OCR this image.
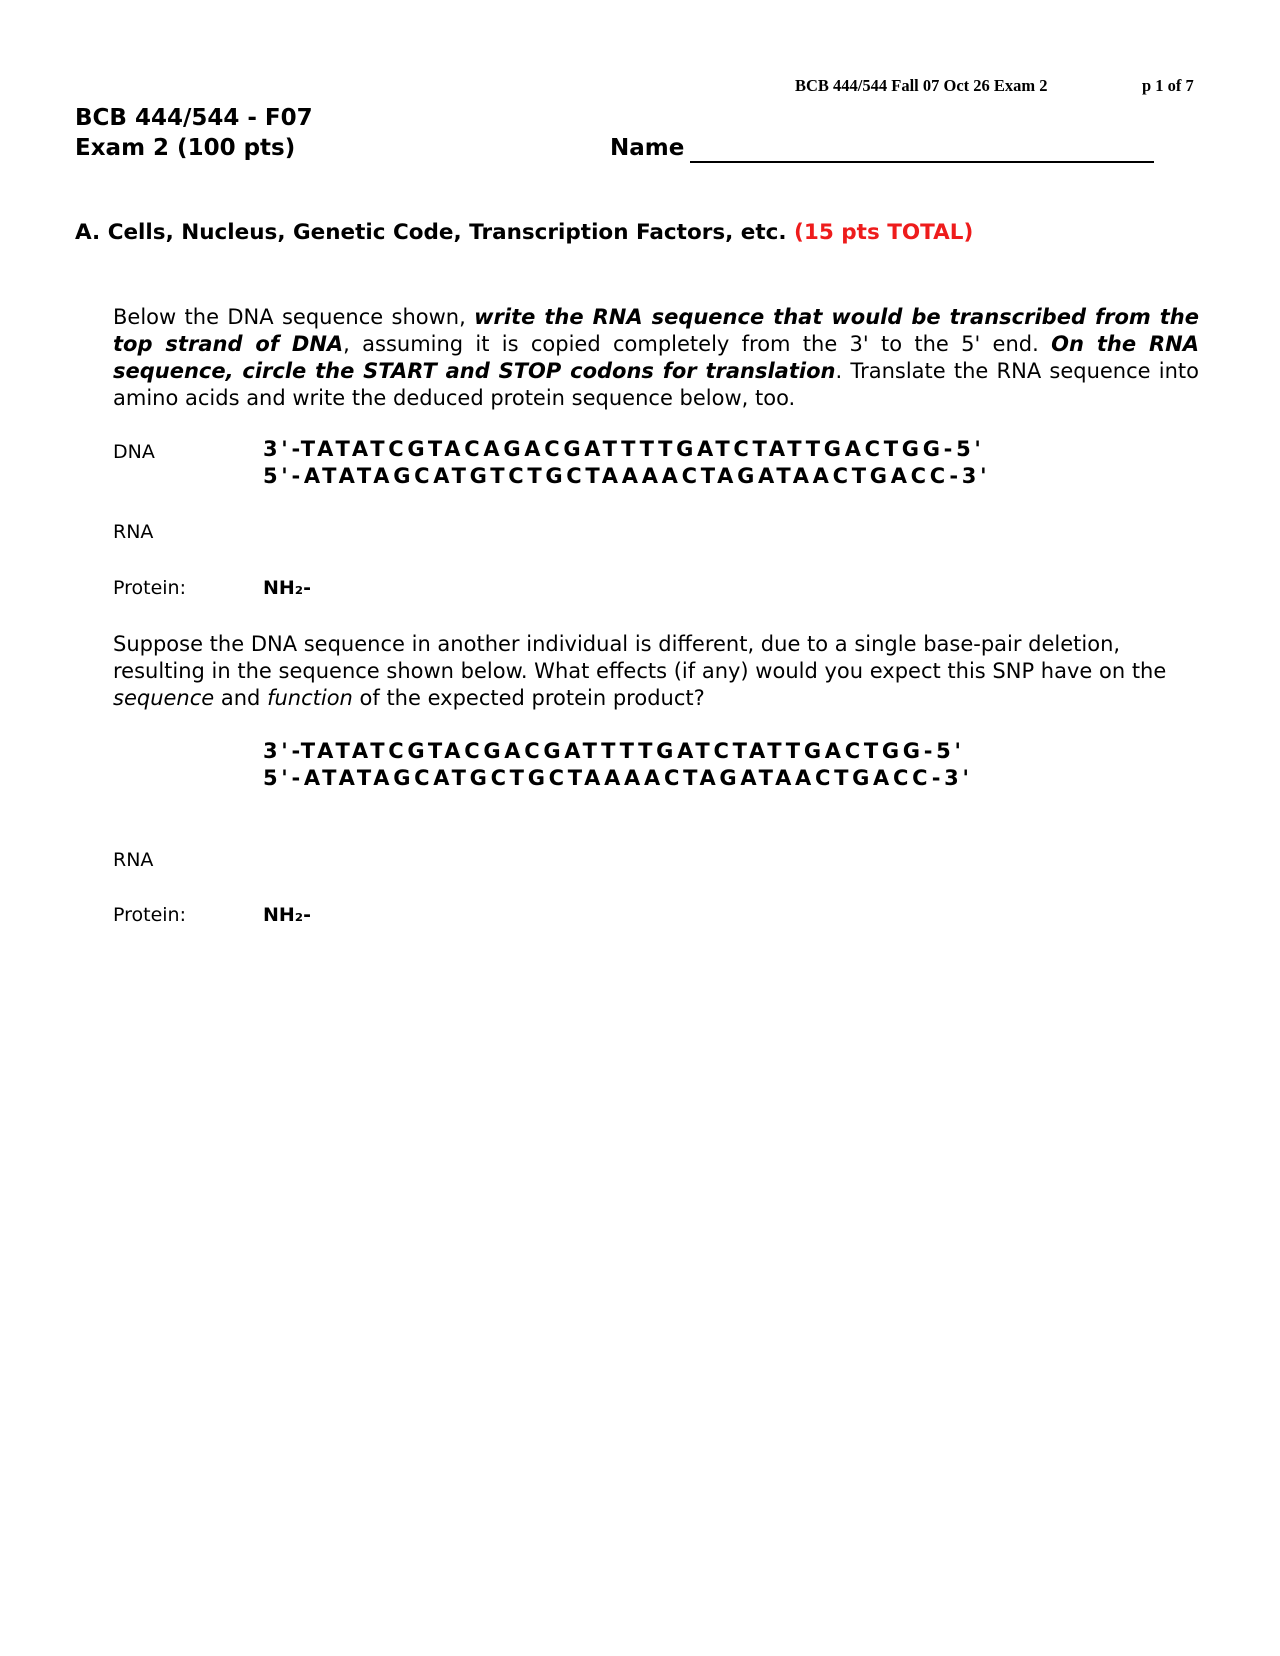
BCB 444/544 Fall 07 Oct 26 Exam 2	p 1 of 7
BCB 444/544 - F07
Exam 2 (100 pts)	Name
A. Cells, Nucleus, Genetic Code, Transcription Factors, etc. (15 pts TOTAL)
Below the DNA sequence shown, write the RNA sequence that would be transcribed from the top strand of DNA, assuming it is copied completely from the 3' to the 5' end. On the RNA sequence, circle the START and STOP codons for translation. Translate the RNA sequence into amino acids and write the deduced protein sequence below, too.
DNA	3'-TATATCGTACAGACGATTTTGATCTATTGACTGG-5'
5'-ATATAGCATGTCTGCTAAAACTAGATAACTGACC-3'
RNA
Protein:	NH₂-
Suppose the DNA sequence in another individual is different, due to a single base-pair deletion, resulting in the sequence shown below. What effects (if any) would you expect this SNP have on the sequence and function of the expected protein product?
3'-TATATCGTACGACGATTTTGATCTATTGACTGG-5'
5'-ATATAGCATGCTGCTAAAACTAGATAACTGACC-3'
RNA
Protein:	NH₂-
